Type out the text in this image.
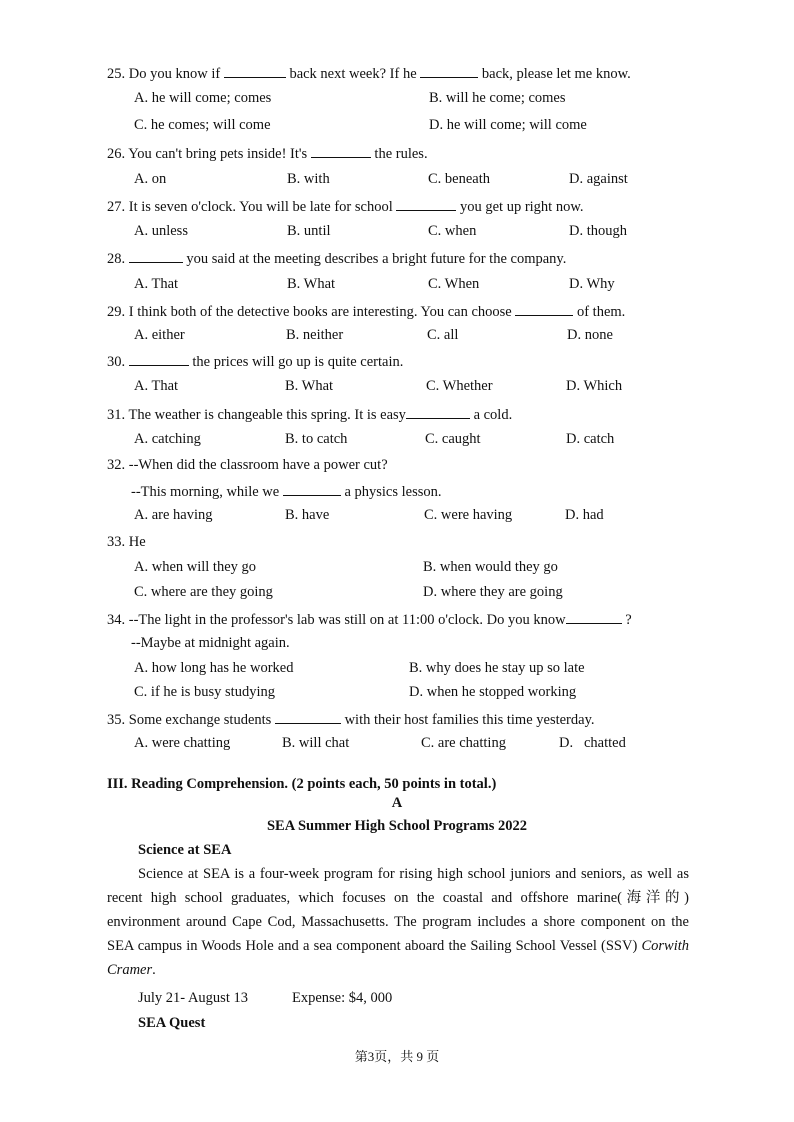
25. Do you know if	back next week? If he	back, please let me know.
A. he will come; comes	B. will he come; comes
C. he comes; will come	D. he will come; will come
26. You can't bring pets inside! It's	the rules.
A. on	B. with	C. beneath	D. against
27. It is seven o'clock. You will be late for school	you get up right now.
A. unless	B. until	C. when	D. though
28.	you said at the meeting describes a bright future for the company.
A. That	B. What	C. When	D. Why
29. I think both of the detective books are interesting. You can choose	of them.
A. either	B. neither	C. all	D. none
30.	the prices will go up is quite certain.
A. That	B. What	C. Whether	D. Which
31. The weather is changeable this spring. It is easy	a cold.
A. catching	B. to catch	C. caught	D. catch
32. --When did the classroom have a power cut?
--This morning, while we	a physics lesson.
A. are having	B. have	C. were having	D. had
33. He
A. when will they go	B. when would they go
C. where are they going	D. where they are going
34. --The light in the professor's lab was still on at 11:00 o'clock. Do you know	?
--Maybe at midnight again.
A. how long has he worked	B. why does he stay up so late
C. if he is busy studying	D. when he stopped working
35. Some exchange students	with their host families this time yesterday.
A. were chatting	B. will chat	C. are chatting	D. chatted
III. Reading Comprehension. (2 points each, 50 points in total.)
A
SEA Summer High School Programs 2022
Science at SEA
Science at SEA is a four-week program for rising high school juniors and seniors, as well as recent high school graduates, which focuses on the coastal and offshore marine(海洋的) environment around Cape Cod, Massachusetts. The program includes a shore component on the SEA campus in Woods Hole and a sea component aboard the Sailing School Vessel (SSV) Corwith Cramer.
July 21- August 13	Expense: $4, 000
SEA Quest
第3页，共 9 页
